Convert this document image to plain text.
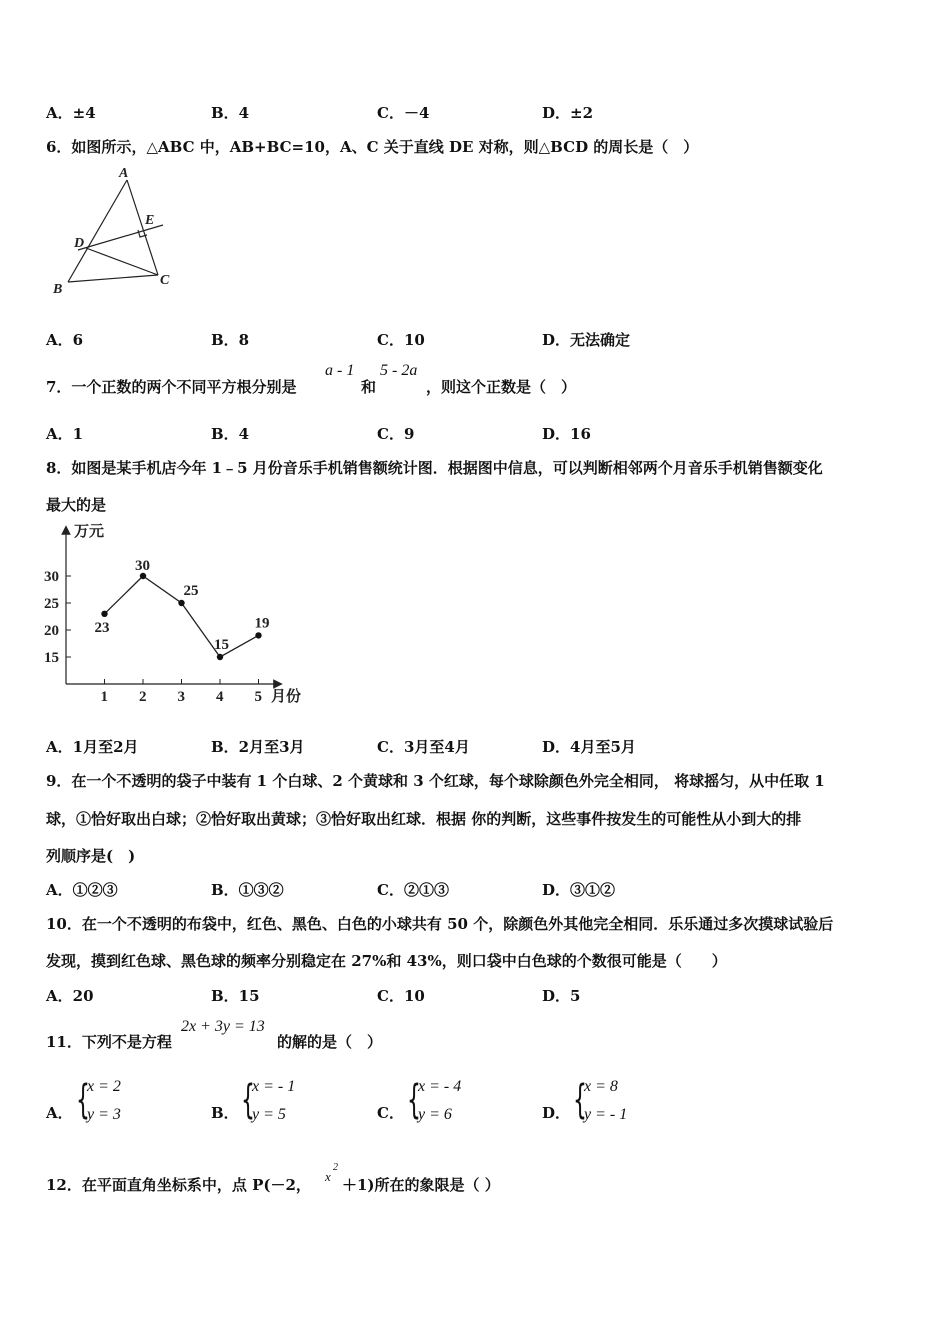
A．±4	B．4	C．－4	D．±2
6．如图所示，△ABC 中，AB+BC=10，A、C 关于直线 DE 对称，则△BCD 的周长是（　）
A
B
C
D
E
A．6	B．8	C．10	D．无法确定
7．一个正数的两个不同平方根分别是
a - 1
和
5 - 2a
，则这个正数是（　）
A．1	B．4	C．9	D．16
8．如图是某手机店今年 1﹣5 月份音乐手机销售额统计图．根据图中信息，可以判断相邻两个月音乐手机销售额变化
最大的是
万元
月份
15
20
25
30
1 2 3 4 5
23
30
25
15
19
A．1月至2月	B．2月至3月	C．3月至4月	D．4月至5月
9．在一个不透明的袋子中装有 1 个白球、2 个黄球和 3 个红球，每个球除颜色外完全相同， 将球摇匀，从中任取 1
球，①恰好取出白球；②恰好取出黄球；③恰好取出红球．根据 你的判断，这些事件按发生的可能性从小到大的排
列顺序是(　)
A．①②③	B．①③②	C．②①③	D．③①②
10．在一个不透明的布袋中，红色、黑色、白色的小球共有 50 个，除颜色外其他完全相同．乐乐通过多次摸球试验后
发现，摸到红色球、黑色球的频率分别稳定在 27%和 43%，则口袋中白色球的个数很可能是（　　）
A．20	B．15	C．10	D．5
11．下列不是方程
2x + 3y = 13
的解的是（　）
A． {
x = 2
y = 3	B． {
x = - 1
y = 5	C． {
x = - 4
y = 6	D． {
x = 8
y = - 1
12．在平面直角坐标系中，点 P(－2， x
2
＋1)所在的象限是（ ）
